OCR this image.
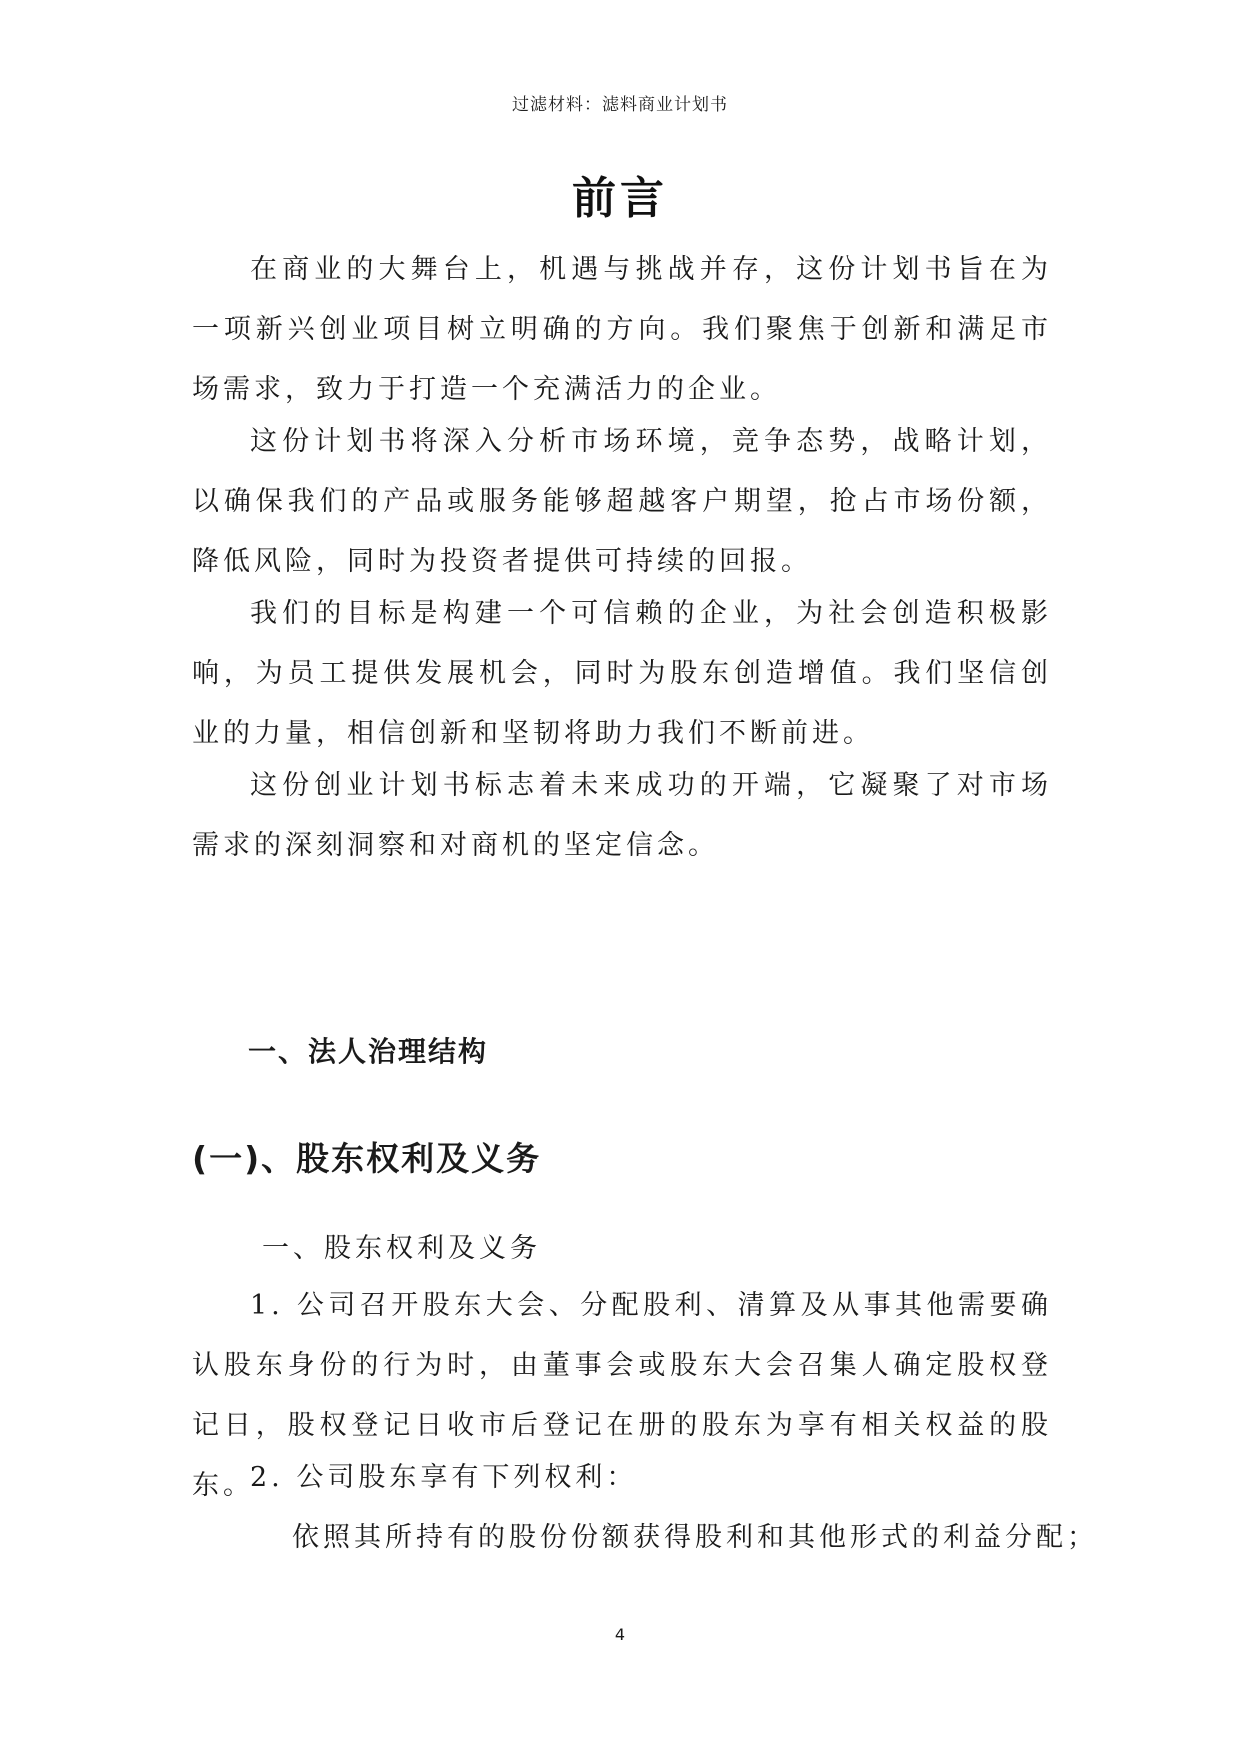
过滤材料：滤料商业计划书
前言

在商业的大舞台上，机遇与挑战并存，这份计划书旨在为一项新兴创业项目树立明确的方向。我们聚焦于创新和满足市场需求，致力于打造一个充满活力的企业。

这份计划书将深入分析市场环境，竞争态势，战略计划，以确保我们的产品或服务能够超越客户期望，抢占市场份额，降低风险，同时为投资者提供可持续的回报。

我们的目标是构建一个可信赖的企业，为社会创造积极影响，为员工提供发展机会，同时为股东创造增值。我们坚信创业的力量，相信创新和坚韧将助力我们不断前进。

这份创业计划书标志着未来成功的开端，它凝聚了对市场需求的深刻洞察和对商机的坚定信念。

一、法人治理结构
(一)、股东权利及义务
一、股东权利及义务

1. 公司召开股东大会、分配股利、清算及从事其他需要确认股东身份的行为时，由董事会或股东大会召集人确定股权登记日，股权登记日收市后登记在册的股东为享有相关权益的股东。

2. 公司股东享有下列权利：

依照其所持有的股份份额获得股利和其他形式的利益分配；

4
